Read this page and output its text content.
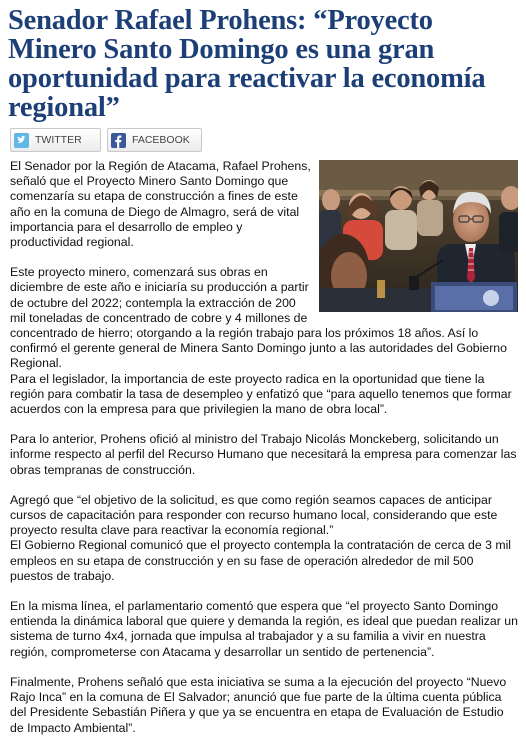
Senador Rafael Prohens: “Proyecto Minero Santo Domingo es una gran oportunidad para reactivar la economía regional”
TWITTER	FACEBOOK

El Senador por la Región de Atacama, Rafael Prohens, señaló que el Proyecto Minero Santo Domingo que comenzaría su etapa de construcción a fines de este año en la comuna de Diego de Almagro, será de vital importancia para el desarrollo de empleo y productividad regional.

Este proyecto minero, comenzará sus obras en diciembre de este año e iniciaría su producción a partir de octubre del 2022; contempla la extracción de 200 mil toneladas de concentrado de cobre y 4 millones de concentrado de hierro; otorgando a la región trabajo para los próximos 18 años. Así lo confirmó el gerente general de Minera Santo Domingo junto a las autoridades del Gobierno Regional.

Para el legislador, la importancia de este proyecto radica en la oportunidad que tiene la región para combatir la tasa de desempleo y enfatizó que “para aquello tenemos que formar acuerdos con la empresa para que privilegien la mano de obra local”.

Para lo anterior, Prohens ofició al ministro del Trabajo Nicolás Monckeberg, solicitando un informe respecto al perfil del Recurso Humano que necesitará la empresa para comenzar las obras tempranas de construcción.

Agregó que “el objetivo de la solicitud, es que como región seamos capaces de anticipar cursos de capacitación para responder con recurso humano local, considerando que este proyecto resulta clave para reactivar la economía regional.”

El Gobierno Regional comunicó que el proyecto contempla la contratación de cerca de 3 mil empleos en su etapa de construcción y en su fase de operación alrededor de mil 500 puestos de trabajo.

En la misma línea, el parlamentario comentó que espera que “el proyecto Santo Domingo entienda la dinámica laboral que quiere y demanda la región, es ideal que puedan realizar un sistema de turno 4x4, jornada que impulsa al trabajador y a su familia a vivir en nuestra región, comprometerse con Atacama y desarrollar un sentido de pertenencia”.

Finalmente, Prohens señaló que esta iniciativa se suma a la ejecución del proyecto “Nuevo Rajo Inca” en la comuna de El Salvador; anunció que fue parte de la última cuenta pública del Presidente Sebastián Piñera y que ya se encuentra en etapa de Evaluación de Estudio de Impacto Ambiental”.
